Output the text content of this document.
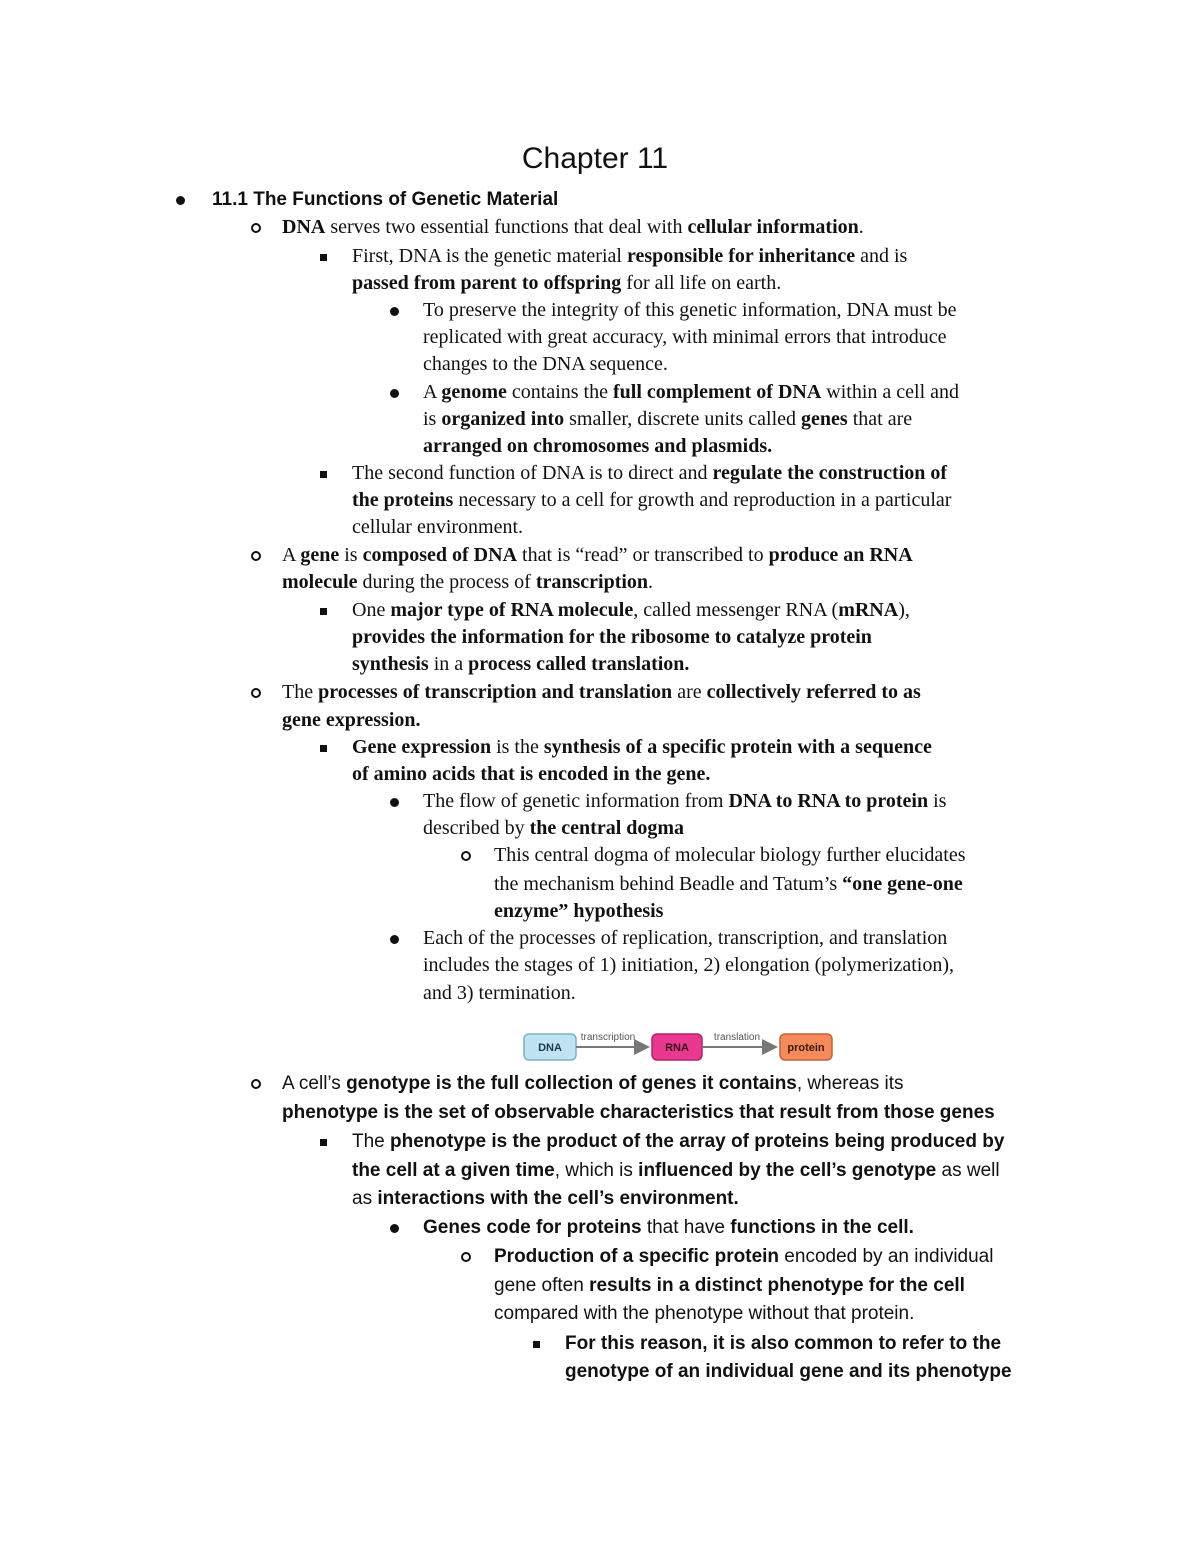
Chapter 11
11.1 The Functions of Genetic Material
DNA serves two essential functions that deal with cellular information.
First, DNA is the genetic material responsible for inheritance and is
passed from parent to offspring for all life on earth.
To preserve the integrity of this genetic information, DNA must be
replicated with great accuracy, with minimal errors that introduce
changes to the DNA sequence.
A genome contains the full complement of DNA within a cell and
is organized into smaller, discrete units called genes that are
arranged on chromosomes and plasmids.
The second function of DNA is to direct and regulate the construction of
the proteins necessary to a cell for growth and reproduction in a particular
cellular environment.
A gene is composed of DNA that is “read” or transcribed to produce an RNA
molecule during the process of transcription.
One major type of RNA molecule, called messenger RNA (mRNA),
provides the information for the ribosome to catalyze protein
synthesis in a process called translation.
The processes of transcription and translation are collectively referred to as
gene expression.
Gene expression is the synthesis of a specific protein with a sequence
of amino acids that is encoded in the gene.
The flow of genetic information from DNA to RNA to protein is
described by the central dogma
This central dogma of molecular biology further elucidates
the mechanism behind Beadle and Tatum’s “one gene-one
enzyme” hypothesis
Each of the processes of replication, transcription, and translation
includes the stages of 1) initiation, 2) elongation (polymerization),
and 3) termination.
A cell’s genotype is the full collection of genes it contains, whereas its
phenotype is the set of observable characteristics that result from those genes
The phenotype is the product of the array of proteins being produced by
the cell at a given time, which is influenced by the cell’s genotype as well
as interactions with the cell’s environment.
Genes code for proteins that have functions in the cell.
Production of a specific protein encoded by an individual
gene often results in a distinct phenotype for the cell
compared with the phenotype without that protein.
For this reason, it is also common to refer to the
genotype of an individual gene and its phenotype
DNA
transcription
RNA
translation
protein
